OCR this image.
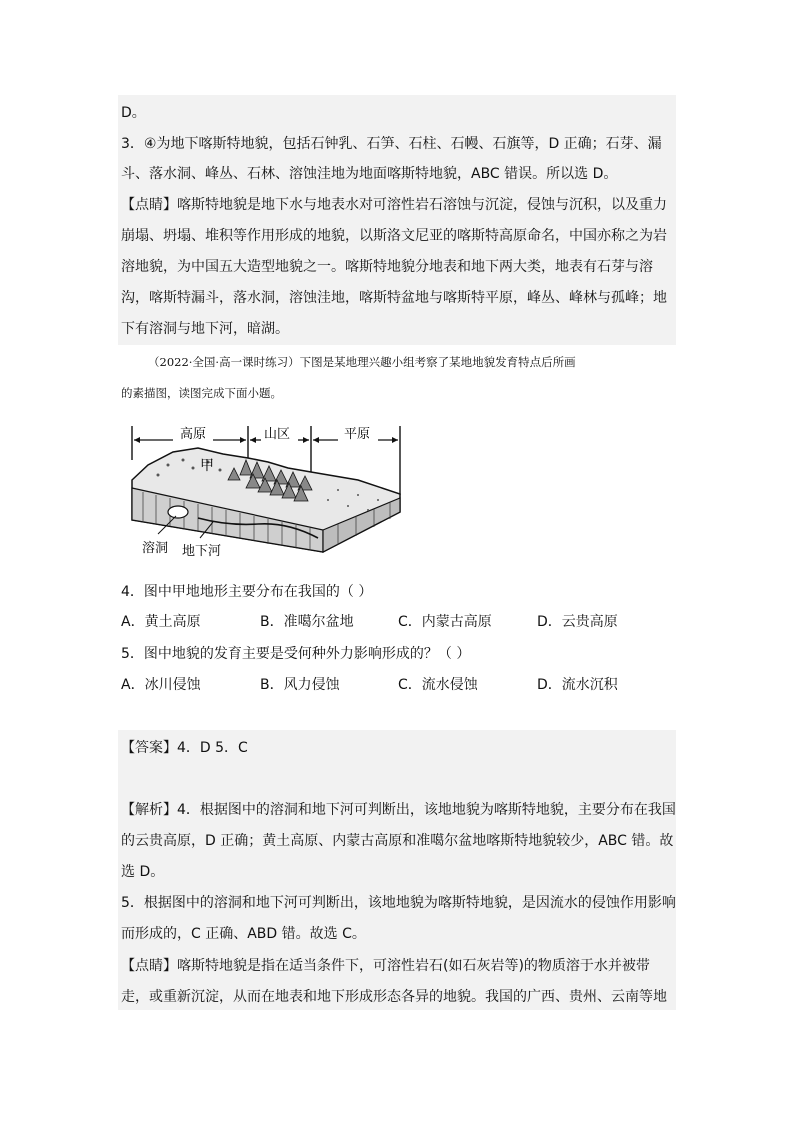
D。
3．④为地下喀斯特地貌，包括石钟乳、石笋、石柱、石幔、石旗等，D 正确；石芽、漏
斗、落水洞、峰丛、石林、溶蚀洼地为地面喀斯特地貌，ABC 错误。所以选 D。
【点睛】喀斯特地貌是地下水与地表水对可溶性岩石溶蚀与沉淀，侵蚀与沉积，以及重力
崩塌、坍塌、堆积等作用形成的地貌，以斯洛文尼亚的喀斯特高原命名，中国亦称之为岩
溶地貌，为中国五大造型地貌之一。喀斯特地貌分地表和地下两大类，地表有石芽与溶
沟，喀斯特漏斗，落水洞，溶蚀洼地，喀斯特盆地与喀斯特平原，峰丛、峰林与孤峰；地
下有溶洞与地下河，暗湖。
（2022·全国·高一课时练习）下图是某地理兴趣小组考察了某地地貌发育特点后所画
的素描图，读图完成下面小题。
高原	山区	平原
甲
溶洞 地下河
4．图中甲地地形主要分布在我国的（ ）
A．黄土高原	B．准噶尔盆地	C．内蒙古高原	D．云贵高原
5．图中地貌的发育主要是受何种外力影响形成的？（ ）
A．冰川侵蚀	B．风力侵蚀	C．流水侵蚀	D．流水沉积
【答案】4．D 5．C
【解析】4．根据图中的溶洞和地下河可判断出，该地地貌为喀斯特地貌，主要分布在我国
的云贵高原，D 正确；黄土高原、内蒙古高原和准噶尔盆地喀斯特地貌较少，ABC 错。故
选 D。
5．根据图中的溶洞和地下河可判断出，该地地貌为喀斯特地貌，是因流水的侵蚀作用影响
而形成的，C 正确、ABD 错。故选 C。
【点睛】喀斯特地貌是指在适当条件下，可溶性岩石(如石灰岩等)的物质溶于水并被带
走，或重新沉淀，从而在地表和地下形成形态各异的地貌。我国的广西、贵州、云南等地
